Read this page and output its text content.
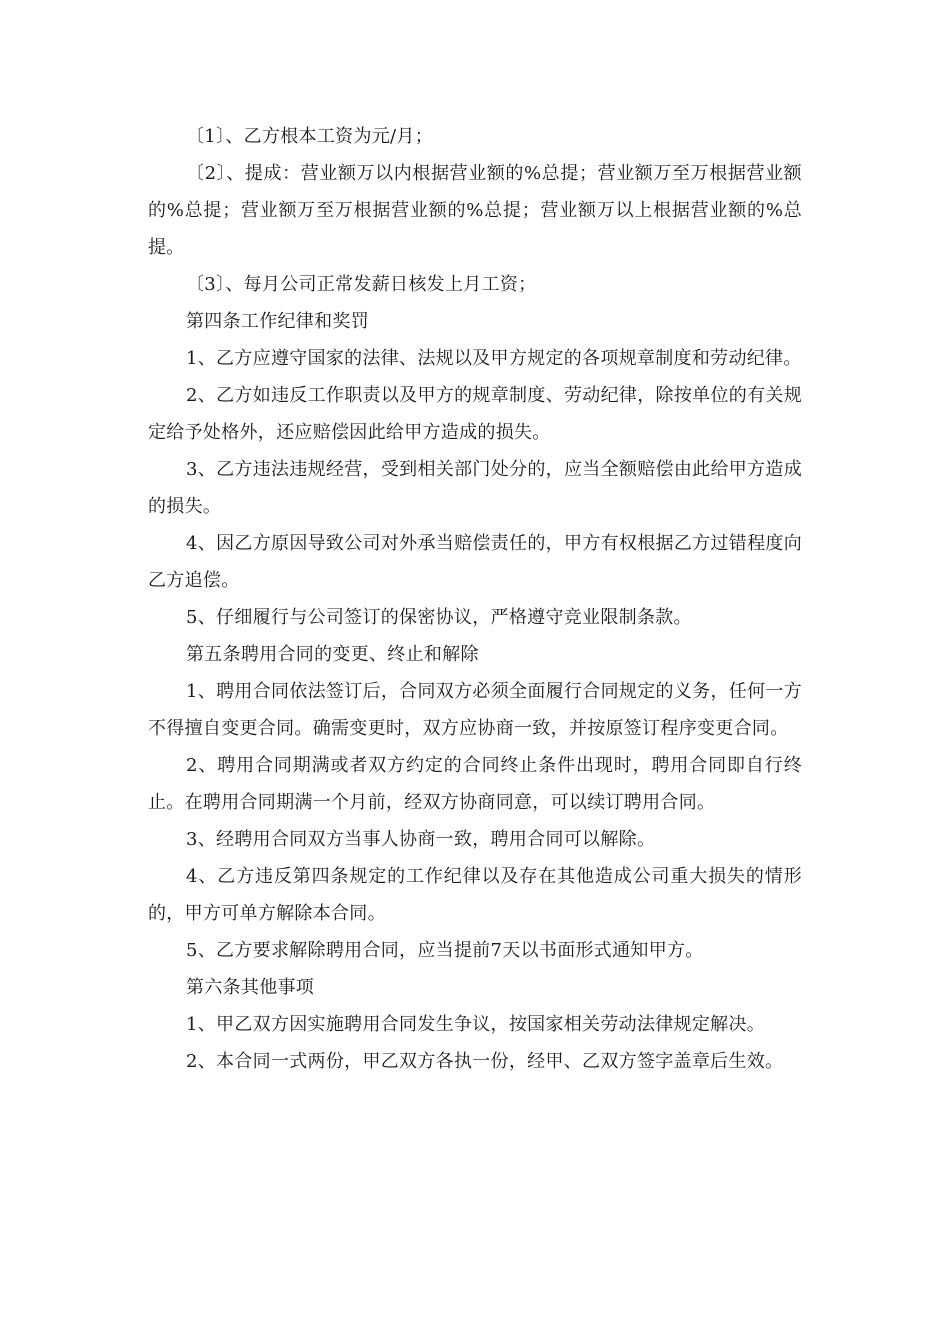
〔1〕、乙方根本工资为元/月；

〔2〕、提成：营业额万以内根据营业额的%总提；营业额万至万根据营业额的%总提；营业额万至万根据营业额的%总提；营业额万以上根据营业额的%总提。

〔3〕、每月公司正常发薪日核发上月工资；

第四条工作纪律和奖罚

1、乙方应遵守国家的法律、法规以及甲方规定的各项规章制度和劳动纪律。

2、乙方如违反工作职责以及甲方的规章制度、劳动纪律，除按单位的有关规定给予处格外，还应赔偿因此给甲方造成的损失。

3、乙方违法违规经营，受到相关部门处分的，应当全额赔偿由此给甲方造成的损失。

4、因乙方原因导致公司对外承当赔偿责任的，甲方有权根据乙方过错程度向乙方追偿。

5、仔细履行与公司签订的保密协议，严格遵守竞业限制条款。

第五条聘用合同的变更、终止和解除

1、聘用合同依法签订后，合同双方必须全面履行合同规定的义务，任何一方不得擅自变更合同。确需变更时，双方应协商一致，并按原签订程序变更合同。

2、聘用合同期满或者双方约定的合同终止条件出现时，聘用合同即自行终止。在聘用合同期满一个月前，经双方协商同意，可以续订聘用合同。

3、经聘用合同双方当事人协商一致，聘用合同可以解除。

4、乙方违反第四条规定的工作纪律以及存在其他造成公司重大损失的情形的，甲方可单方解除本合同。

5、乙方要求解除聘用合同，应当提前7天以书面形式通知甲方。

第六条其他事项

1、甲乙双方因实施聘用合同发生争议，按国家相关劳动法律规定解决。

2、本合同一式两份，甲乙双方各执一份，经甲、乙双方签字盖章后生效。
